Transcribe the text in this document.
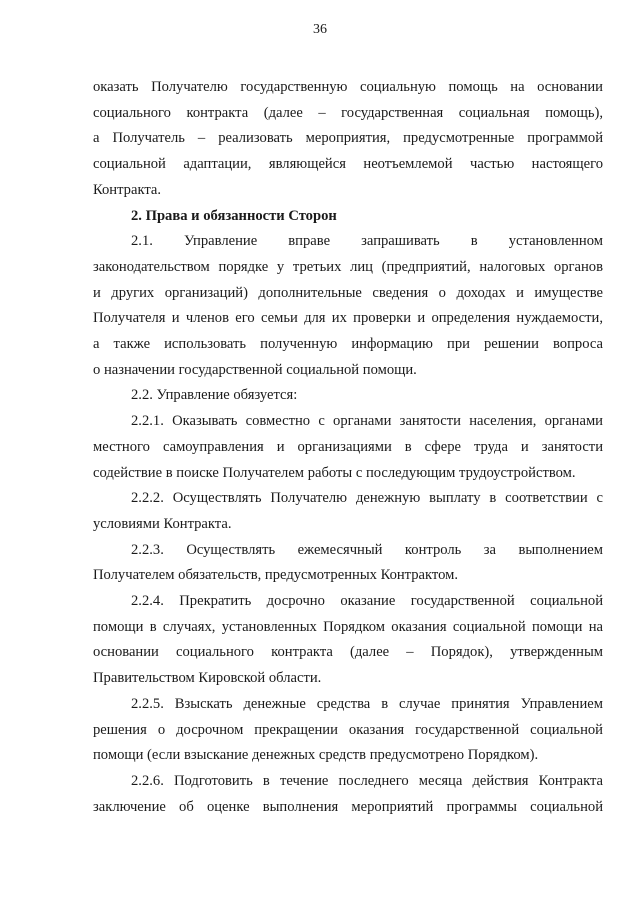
36

оказать Получателю государственную социальную помощь на основании

социального контракта (далее – государственная социальная помощь),

а Получатель – реализовать мероприятия, предусмотренные программой

социальной адаптации, являющейся неотъемлемой частью настоящего

Контракта.

2. Права и обязанности Сторон

2.1. Управление вправе запрашивать в установленном

законодательством порядке у третьих лиц (предприятий, налоговых органов

и других организаций) дополнительные сведения о доходах и имуществе

Получателя и членов его семьи для их проверки и определения нуждаемости,

а также использовать полученную информацию при решении вопроса

о назначении государственной социальной помощи.

2.2. Управление обязуется:

2.2.1. Оказывать совместно с органами занятости населения, органами

местного самоуправления и организациями в сфере труда и занятости

содействие в поиске Получателем работы с последующим трудоустройством.

2.2.2. Осуществлять Получателю денежную выплату в соответствии с

условиями Контракта.

2.2.3. Осуществлять ежемесячный контроль за выполнением

Получателем обязательств, предусмотренных Контрактом.

2.2.4. Прекратить досрочно оказание государственной социальной

помощи в случаях, установленных Порядком оказания социальной помощи на

основании социального контракта (далее – Порядок), утвержденным

Правительством Кировской области.

2.2.5. Взыскать денежные средства в случае принятия Управлением

решения о досрочном прекращении оказания государственной социальной

помощи (если взыскание денежных средств предусмотрено Порядком).

2.2.6. Подготовить в течение последнего месяца действия Контракта

заключение об оценке выполнения мероприятий программы социальной
